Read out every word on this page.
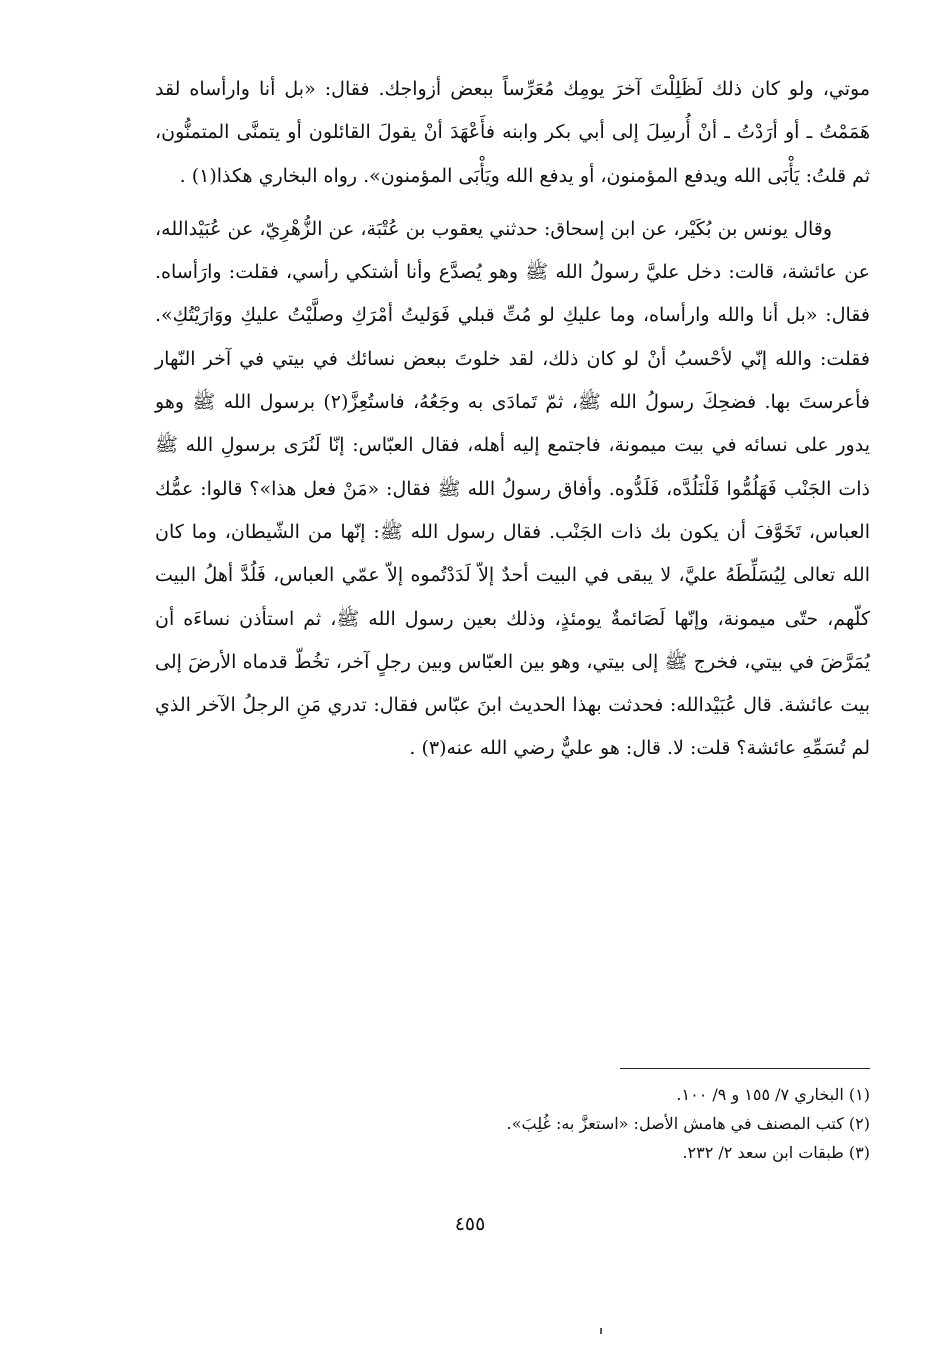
موتي، ولو كان ذلك لَظَلِلْتَ آخرَ يومِك مُعَرِّساً ببعض أزواجك. فقال: «بل أنا وارأساه لقد هَمَمْتُ ـ أو أرَدْتُ ـ أنْ أُرسِلَ إلى أبي بكر وابنه فأَعْهَدَ أنْ يقولَ القائلون أو يتمنَّى المتمنُّون، ثم قلتُ: يَأْبَى الله ويدفع المؤمنون، أو يدفع الله ويَأْبَى المؤمنون». رواه البخاري هكذا(١) .

وقال يونس بن بُكَيْر، عن ابن إسحاق: حدثني يعقوب بن عُتْبَة، عن الزُّهْرِيّ، عن عُبَيْدالله، عن عائشة، قالت: دخل عليَّ رسولُ الله ﷺ وهو يُصدَّع وأنا أشتكي رأسي، فقلت: وارَأساه. فقال: «بل أنا والله وارأساه، وما عليكِ لو مُتِّ قبلي فَوَليتُ أمْرَكِ وصلَّيْتُ عليكِ ووَارَيْتُكِ». فقلت: والله إنّي لأحْسبُ أنْ لو كان ذلك، لقد خلوتَ ببعض نسائك في بيتي في آخر النّهار فأعرستَ بها. فضحِكَ رسولُ الله ﷺ، ثمّ تَمادَى به وجَعُهُ، فاستُعِزَّ(٢) برسول الله ﷺ وهو يدور على نسائه في بيت ميمونة، فاجتمع إليه أهله، فقال العبّاس: إنّا لَنُرَى برسولِ الله ﷺ ذات الجَنْب فَهَلُمُّوا فَلْنَلُدَّه، فَلَدُّوه. وأفاق رسولُ الله ﷺ فقال: «مَنْ فعل هذا»؟ قالوا: عمُّك العباس، تَخَوَّفَ أن يكون بك ذات الجَنْب. فقال رسول الله ﷺ: إنّها من الشّيطان، وما كان الله تعالى لِيُسَلِّطَهُ عليَّ، لا يبقى في البيت أحدٌ إلاّ لَدَدْتُموه إلاّ عمّي العباس، فَلُدَّ أهلُ البيت كلّهم، حتّى ميمونة، وإنّها لَصَائمةٌ يومئذٍ، وذلك بعين رسول الله ﷺ، ثم استأذن نساءَه أن يُمَرَّضَ في بيتي، فخرج ﷺ إلى بيتي، وهو بين العبّاس وبين رجلٍ آخر، تخُطّ قدماه الأرضَ إلى بيت عائشة. قال عُبَيْدالله: فحدثت بهذا الحديث ابنَ عبّاس فقال: تدري مَنِ الرجلُ الآخر الذي لم تُسَمِّهِ عائشة؟ قلت: لا. قال: هو عليٌّ رضي الله عنه(٣) .

(١) البخاري ٧/ ١٥٥ و ٩/ ١٠٠.

(٢) كتب المصنف في هامش الأصل: «استعزَّ به: غُلِبَ».

(٣) طبقات ابن سعد ٢/ ٢٣٢.

٤٥٥
